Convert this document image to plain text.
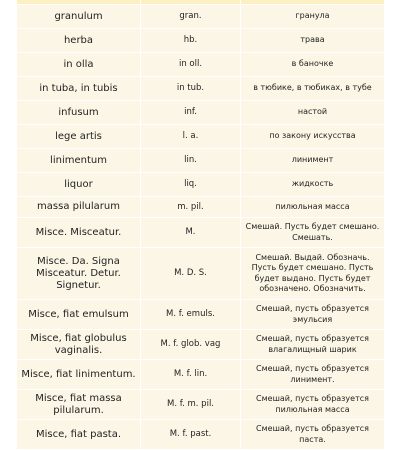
granulum	gran.	гранула
herba	hb.	трава
in olla	in oll.	в баночке
in tuba, in tubis	in tub.	в тюбике, в тюбиках, в тубе
infusum	inf.	настой
lege artis	l. a.	по закону искусства
linimentum	lin.	линимент
liquor	liq.	жидкость
massa pilularum	m. pil.	пилюльная масса
Misce. Misceatur.	M.	Смешай. Пусть будет смешано. Смешать.
Misce. Da. Signa Misceatur. Detur. Signetur.	M. D. S.	Смешай. Выдай. Обозначь. Пусть будет смешано. Пусть будет выдано. Пусть будет обозначено. Обозначить.
Misce, fiat emulsum	M. f. emuls.	Смешай, пусть образуется эмульсия
Misce, fiat globulus vaginalis.	M. f. glob. vag	Смешай, пусть образуется влагалищный шарик
Misce, fiat linimentum.	M. f. lin.	Смешай, пусть образуется линимент.
Misce, fiat massa pilularum.	M. f. m. pil.	Смешай, пусть образуется пилюльная масса
Misce, fiat pasta.	M. f. past.	Смешай, пусть образуется паста.
